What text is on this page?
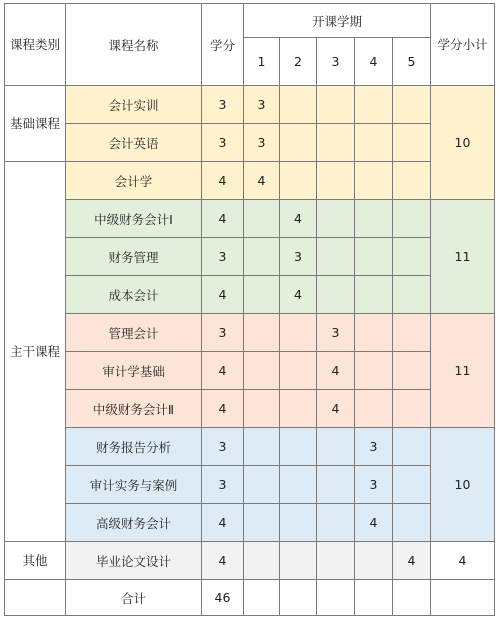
课程类别	课程名称	学分	开课学期					学分小计
			1	2	3	4	5	
基础课程	会计实训	3	3					10
	会计英语	3	3					
主干课程	会计学	4	4					
	中级财务会计Ⅰ	4		4				11
	财务管理	3		3				
	成本会计	4		4				
	管理会计	3			3			11
	审计学基础	4			4			
	中级财务会计Ⅱ	4			4			
	财务报告分析	3				3		10
	审计实务与案例	3				3		
	高级财务会计	4				4		
其他	毕业论文设计	4					4	4
	合计	46						
